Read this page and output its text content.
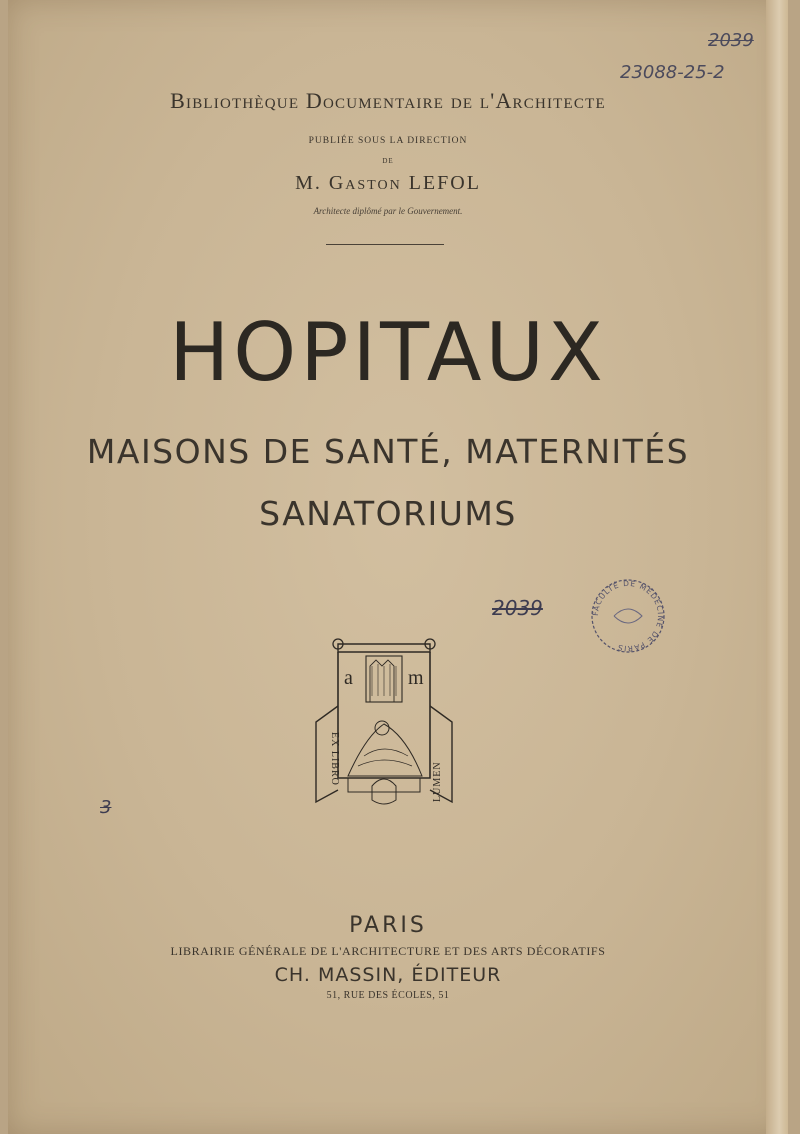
2039
23088-25-2
Bibliothèque Documentaire de l'Architecte
PUBLIÉE SOUS LA DIRECTION
DE
M. Gaston LEFOL
Architecte diplômé par le Gouvernement.
HOPITAUX
MAISONS DE SANTÉ, MATERNITÉS
SANATORIUMS
2039	FACULTÉ DE MÉDECINE DE PARIS
a	m
EX LIBRO	LUMEN
3
PARIS
LIBRAIRIE GÉNÉRALE DE L'ARCHITECTURE ET DES ARTS DÉCORATIFS
CH. MASSIN, ÉDITEUR
51, RUE DES ÉCOLES, 51
